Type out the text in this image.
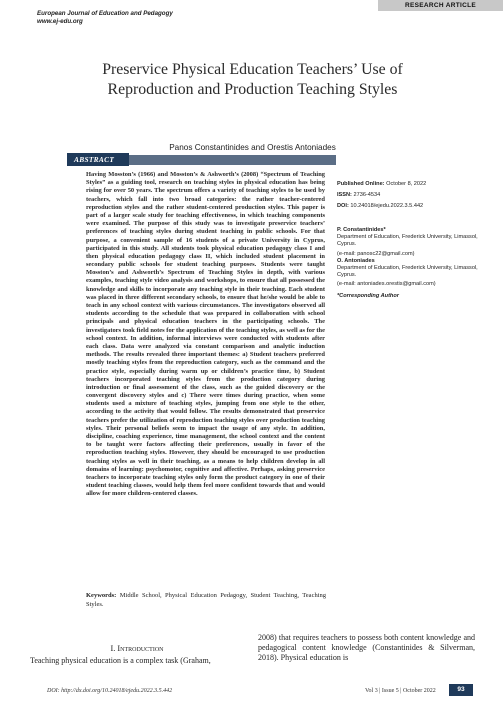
European Journal of Education and Pedagogy
www.ej-edu.org
RESEARCH ARTICLE
Preservice Physical Education Teachers’ Use of Reproduction and Production Teaching Styles
Panos Constantinides and Orestis Antoniades
ABSTRACT
Having Mosston’s (1966) and Mosston’s & Ashworth’s (2008) “Spectrum of Teaching Styles” as a guiding tool, research on teaching styles in physical education has being rising for over 50 years. The spectrum offers a variety of teaching styles to be used by teachers, which fall into two broad categories: the rather teacher-centered reproduction styles and the rather student-centered production styles. This paper is part of a larger scale study for teaching effectiveness, in which teaching components were examined. The purpose of this study was to investigate preservice teachers’ preferences of teaching styles during student teaching in public schools. For that purpose, a convenient sample of 16 students of a private University in Cyprus, participated in this study. All students took physical education pedagogy class I and then physical education pedagogy class II, which included student placement in secondary public schools for student teaching purposes. Students were taught Mosston’s and Ashworth’s Spectrum of Teaching Styles in depth, with various examples, teaching style video analysis and workshops, to ensure that all possessed the knowledge and skills to incorporate any teaching style in their teaching. Each student was placed in three different secondary schools, to ensure that he/she would be able to teach in any school context with various circumstances. The investigators observed all students according to the schedule that was prepared in collaboration with school principals and physical education teachers in the participating schools. The investigators took field notes for the application of the teaching styles, as well as for the school context. In addition, informal interviews were conducted with students after each class. Data were analyzed via constant comparison and analytic induction methods. The results revealed three important themes: a) Student teachers preferred mostly teaching styles from the reproduction category, such as the command and the practice style, especially during warm up or children’s practice time, b) Student teachers incorporated teaching styles from the production category during introduction or final assessment of the class, such as the guided discovery or the convergent discovery styles and c) There were times during practice, when some students used a mixture of teaching styles, jumping from one style to the other, according to the activity that would follow. The results demonstrated that preservice teachers prefer the utilization of reproduction teaching styles over production teaching styles. Their personal beliefs seem to impact the usage of any style. In addition, discipline, coaching experience, time management, the school context and the content to be taught were factors affecting their preferences, usually in favor of the reproduction teaching styles. However, they should be encouraged to use production teaching styles as well in their teaching, as a means to help children develop in all domains of learning: psychomotor, cognitive and affective. Perhaps, asking preservice teachers to incorporate teaching styles only form the product category in one of their student teaching classes, would help them feel more confident towards that and would allow for more children-centered classes.
Keywords: Middle School, Physical Education Pedagogy, Student Teaching, Teaching Styles.
Published Online: October 8, 2022
ISSN: 2736-4534
DOI: 10.24018/ejedu.2022.3.5.442
P. Constantinides*
Department of Education, Frederick University, Limassol, Cyprus.
(e-mail: panosc22@gmail.com)
O. Antoniades
Department of Education, Frederick University, Limassol, Cyprus.
(e-mail: antoniades.orestis@gmail.com)
*Corresponding Author
I. Introduction
Teaching physical education is a complex task (Graham,
2008) that requires teachers to possess both content knowledge and pedagogical content knowledge (Constantinides & Silverman, 2018). Physical education is
DOI: http://dx.doi.org/10.24018/ejedu.2022.3.5.442	Vol 3 | Issue 5 | October 2022	93
